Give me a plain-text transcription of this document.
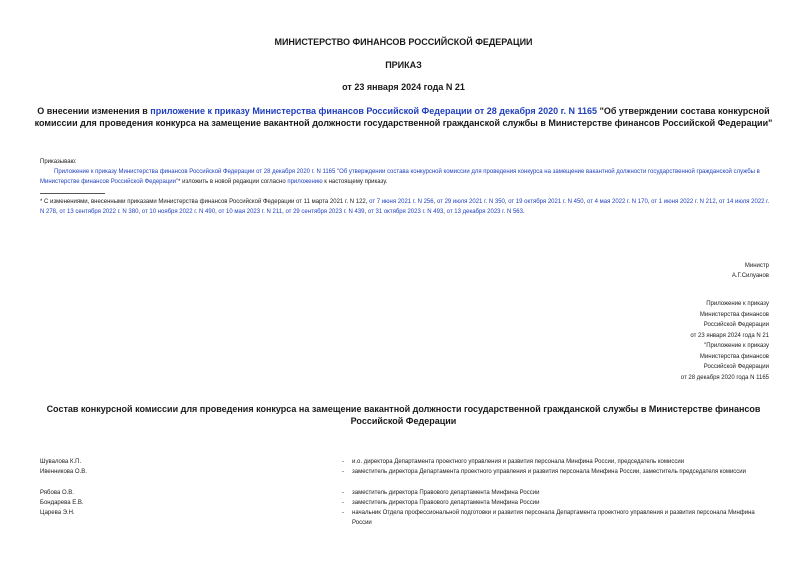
МИНИСТЕРСТВО ФИНАНСОВ РОССИЙСКОЙ ФЕДЕРАЦИИ
ПРИКАЗ
от 23 января 2024 года N 21
О внесении изменения в приложение к приказу Министерства финансов Российской Федерации от 28 декабря 2020 г. N 1165 "Об утверждении состава конкурсной комиссии для проведения конкурса на замещение вакантной должности государственной гражданской службы в Министерстве финансов Российской Федерации"
Приказываю:
Приложение к приказу Министерства финансов Российской Федерации от 28 декабря 2020 г. N 1165 "Об утверждении состава конкурсной комиссии для проведения конкурса на замещение вакантной должности государственной гражданской службы в Министерстве финансов Российской Федерации"* изложить в новой редакции согласно приложению к настоящему приказу.
* С изменениями, внесенными приказами Министерства финансов Российской Федерации от 11 марта 2021 г. N 122, от 7 июня 2021 г. N 256, от 29 июля 2021 г. N 350, от 19 октября 2021 г. N 450, от 4 мая 2022 г. N 170, от 1 июня 2022 г. N 212, от 14 июля 2022 г. N 278, от 13 сентября 2022 г. N 380, от 10 ноября 2022 г. N 490, от 10 мая 2023 г. N 211, от 29 сентября 2023 г. N 439, от 31 октября 2023 г. N 493, от 13 декабря 2023 г. N 563.
Министр
А.Г.Силуанов
Приложение к приказу
Министерства финансов
Российской Федерации
от 23 января 2024 года N 21
"Приложение к приказу
Министерства финансов
Российской Федерации
от 28 декабря 2020 года N 1165
Состав конкурсной комиссии для проведения конкурса на замещение вакантной должности государственной гражданской службы в Министерстве финансов Российской Федерации
Шувалова К.П.	- и.о. директора Департамента проектного управления и развития персонала Минфина России, председатель комиссии
Ивенникова О.В.	- заместитель директора Департамента проектного управления и развития персонала Минфина России, заместитель председателя комиссии
Рябова О.В.	- заместитель директора Правового департамента Минфина России
Бондарева Е.В.	- заместитель директора Правового департамента Минфина России
Царева Э.Н.	- начальник Отдела профессиональной подготовки и развития персонала Департамента проектного управления и развития персонала Минфина России
